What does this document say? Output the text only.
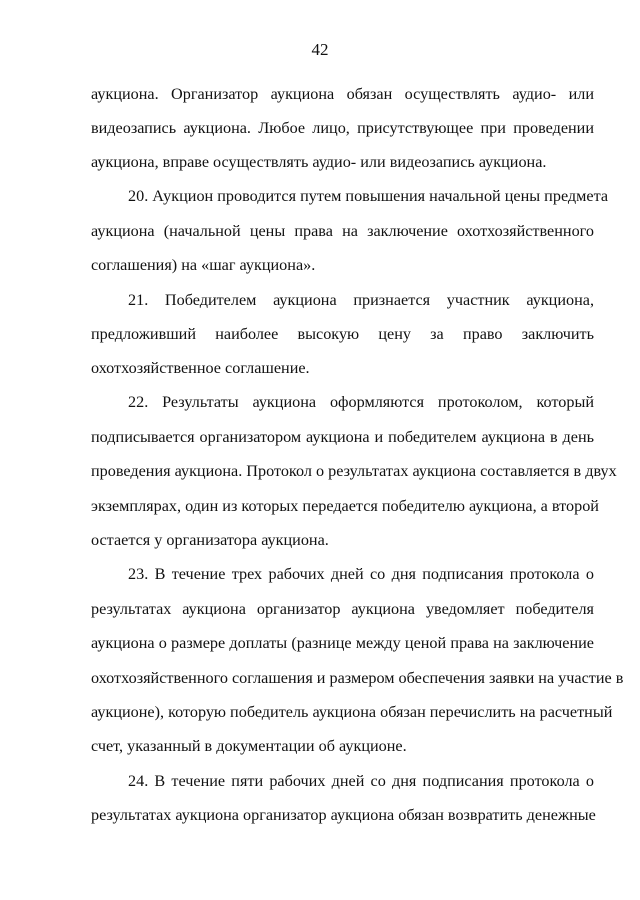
42
аукциона. Организатор аукциона обязан осуществлять аудио- или
видеозапись аукциона. Любое лицо, присутствующее при проведении
аукциона, вправе осуществлять аудио- или видеозапись аукциона.
20. Аукцион проводится путем повышения начальной цены предмета
аукциона (начальной цены права на заключение охотхозяйственного
соглашения) на «шаг аукциона».
21. Победителем аукциона признается участник аукциона,
предложивший наиболее высокую цену за право заключить
охотхозяйственное соглашение.
22. Результаты аукциона оформляются протоколом, который
подписывается организатором аукциона и победителем аукциона в день
проведения аукциона. Протокол о результатах аукциона составляется в двух
экземплярах, один из которых передается победителю аукциона, а второй
остается у организатора аукциона.
23. В течение трех рабочих дней со дня подписания протокола о
результатах аукциона организатор аукциона уведомляет победителя
аукциона о размере доплаты (разнице между ценой права на заключение
охотхозяйственного соглашения и размером обеспечения заявки на участие в
аукционе), которую победитель аукциона обязан перечислить на расчетный
счет, указанный в документации об аукционе.
24. В течение пяти рабочих дней со дня подписания протокола о
результатах аукциона организатор аукциона обязан возвратить денежные
